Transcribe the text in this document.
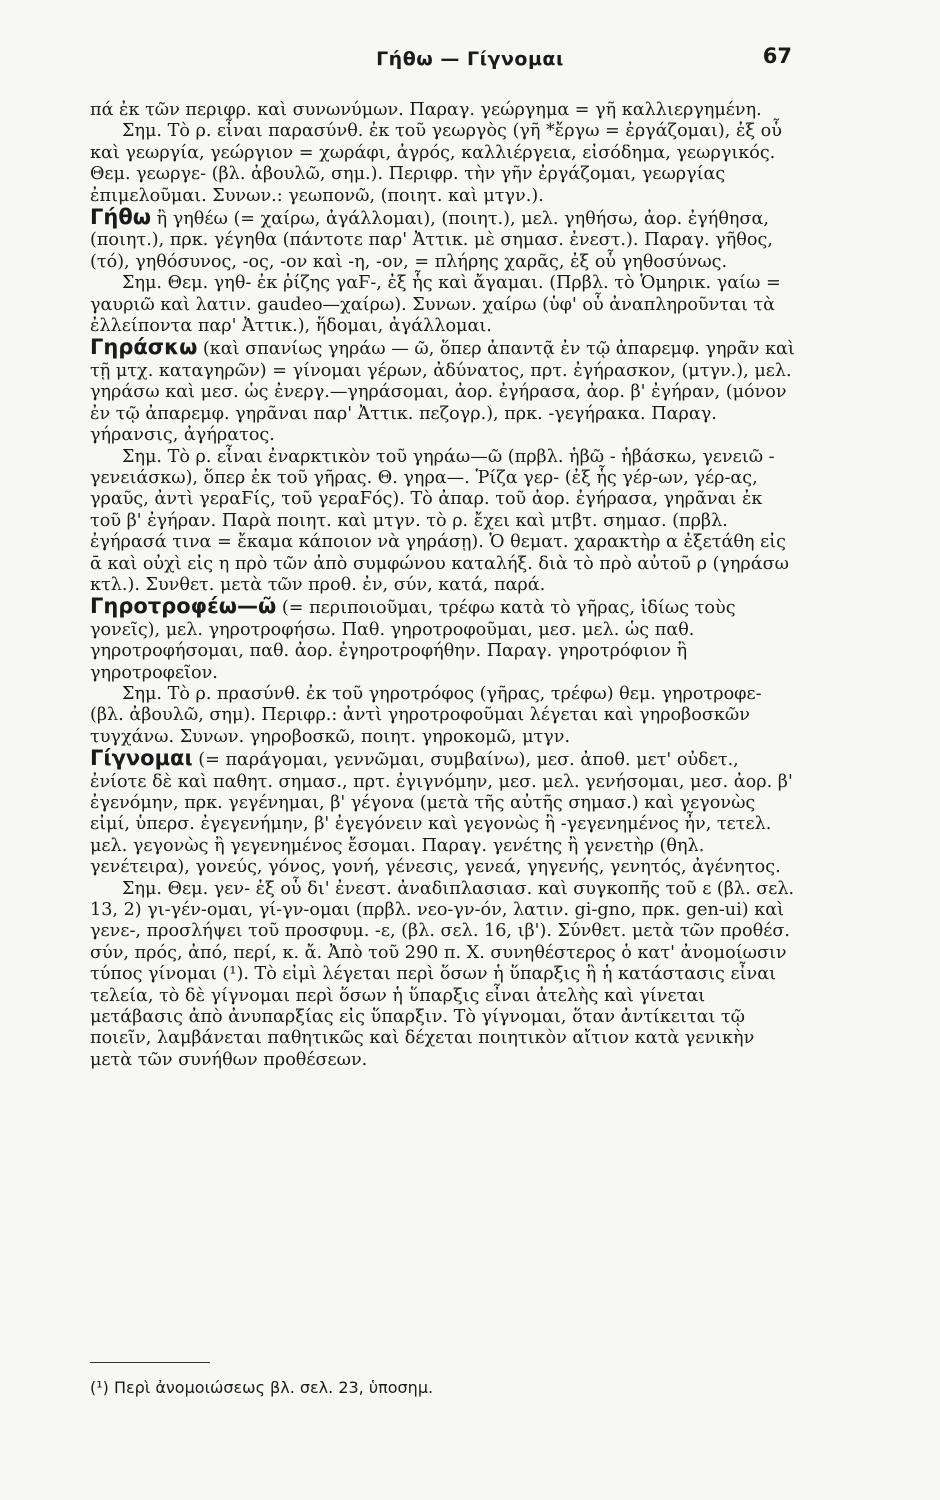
Γήθω — Γίγνομαι	67

πά ἐκ τῶν περιφρ. καὶ συνωνύμων. Παραγ. γεώργημα = γῆ καλλιεργημένη.

Σημ. Τὸ ρ. εἶναι παρασύνθ. ἐκ τοῦ γεωργὸς (γῆ *ἔργω = ἐργάζομαι), ἐξ οὗ καὶ γεωργία, γεώργιον = χωράφι, ἀγρός, καλλιέργεια, εἰσόδημα, γεωργικός. Θεμ. γεωργε- (βλ. ἀβουλῶ, σημ.). Περιφρ. τὴν γῆν ἐργάζομαι, γεωργίας ἐπιμελοῦμαι. Συνων.: γεωπονῶ, (ποιητ. καὶ μτγν.).

Γήθω ἢ γηθέω (= χαίρω, ἀγάλλομαι), (ποιητ.), μελ. γηθήσω, ἀορ. ἐγήθησα, (ποιητ.), πρκ. γέγηθα (πάντοτε παρ' Ἀττικ. μὲ σημασ. ἐνεστ.). Παραγ. γῆθος, (τό), γηθόσυνος, -ος, -ον καὶ -η, -ον, = πλήρης χαρᾶς, ἐξ οὗ γηθοσύνως.

Σημ. Θεμ. γηθ- ἐκ ῥίζης γαϜ-, ἐξ ἧς καὶ ἄγαμαι. (Πρβλ. τὸ Ὁμηρικ. γαίω = γαυριῶ καὶ λατιν. gaudeo—χαίρω). Συνων. χαίρω (ὑφ' οὗ ἀναπληροῦνται τὰ ἐλλείποντα παρ' Ἀττικ.), ἥδομαι, ἀγάλλομαι.

Γηράσκω (καὶ σπανίως γηράω — ῶ, ὅπερ ἀπαντᾷ ἐν τῷ ἀπαρεμφ. γηρᾶν καὶ τῇ μτχ. καταγηρῶν) = γίνομαι γέρων, ἀδύνατος, πρτ. ἐγήρασκον, (μτγν.), μελ. γηράσω καὶ μεσ. ὡς ἐνεργ.—γηράσομαι, ἀορ. ἐγήρασα, ἀορ. β' ἐγήραν, (μόνον ἐν τῷ ἀπαρεμφ. γηρᾶναι παρ' Ἀττικ. πεζογρ.), πρκ. -γεγήρακα. Παραγ. γήρανσις, ἀγήρατος.

Σημ. Τὸ ρ. εἶναι ἐναρκτικὸν τοῦ γηράω—ῶ (πρβλ. ἡβῶ - ἡβάσκω, γενειῶ - γενειάσκω), ὅπερ ἐκ τοῦ γῆρας. Θ. γηρα—. Ῥίζα γερ- (ἐξ ἧς γέρ-ων, γέρ-ας, γραῦς, ἀντὶ γεραϜίς, τοῦ γεραϜός). Τὸ ἀπαρ. τοῦ ἀορ. ἐγήρασα, γηρᾶναι ἐκ τοῦ β' ἐγήραν. Παρὰ ποιητ. καὶ μτγν. τὸ ρ. ἔχει καὶ μτβτ. σημασ. (πρβλ. ἐγήρασά τινα = ἔκαμα κάποιον νὰ γηράσῃ). Ὁ θεματ. χαρακτὴρ α ἐξετάθη εἰς ᾱ καὶ οὐχὶ εἰς η πρὸ τῶν ἀπὸ συμφώνου καταλήξ. διὰ τὸ πρὸ αὐτοῦ ρ (γηράσω κτλ.). Συνθετ. μετὰ τῶν προθ. ἐν, σύν, κατά, παρά.

Γηροτροφέω—ῶ (= περιποιοῦμαι, τρέφω κατὰ τὸ γῆρας, ἰδίως τοὺς γονεῖς), μελ. γηροτροφήσω. Παθ. γηροτροφοῦμαι, μεσ. μελ. ὡς παθ. γηροτροφήσομαι, παθ. ἀορ. ἐγηροτροφήθην. Παραγ. γηροτρόφιον ἢ γηροτροφεῖον.

Σημ. Τὸ ρ. πρασύνθ. ἐκ τοῦ γηροτρόφος (γῆρας, τρέφω) θεμ. γηροτροφε- (βλ. ἀβουλῶ, σημ). Περιφρ.: ἀντὶ γηροτροφοῦμαι λέγεται καὶ γηροβοσκῶν τυγχάνω. Συνων. γηροβοσκῶ, ποιητ. γηροκομῶ, μτγν.

Γίγνομαι (= παράγομαι, γεννῶμαι, συμβαίνω), μεσ. ἀποθ. μετ' οὐδετ., ἐνίοτε δὲ καὶ παθητ. σημασ., πρτ. ἐγιγνόμην, μεσ. μελ. γενήσομαι, μεσ. ἀορ. β' ἐγενόμην, πρκ. γεγένημαι, β' γέγονα (μετὰ τῆς αὐτῆς σημασ.) καὶ γεγονὼς εἰμί, ὑπερσ. ἐγεγενήμην, β' ἐγεγόνειν καὶ γεγονὼς ἢ -γεγενημένος ἦν, τετελ. μελ. γεγονὼς ἢ γεγενημένος ἔσομαι. Παραγ. γενέτης ἢ γενετὴρ (θηλ. γενέτειρα), γονεύς, γόνος, γονή, γένεσις, γενεά, γηγενής, γενητός, ἀγένητος.

Σημ. Θεμ. γεν- ἐξ οὗ δι' ἐνεστ. ἀναδιπλασιασ. καὶ συγκοπῆς τοῦ ε (βλ. σελ. 13, 2) γι-γέν-ομαι, γί-γν-ομαι (πρβλ. νεο-γν-όν, λατιν. gi-gno, πρκ. gen-ui) καὶ γενε-, προσλήψει τοῦ προσφυμ. -ε, (βλ. σελ. 16, ιβ'). Σύνθετ. μετὰ τῶν προθέσ. σύν, πρός, ἀπό, περί, κ. ἄ. Ἀπὸ τοῦ 290 π. Χ. συνηθέστερος ὁ κατ' ἀνομοίωσιν τύπος γίνομαι (¹). Τὸ εἰμὶ λέγεται περὶ ὅσων ἡ ὕπαρξις ἢ ἡ κατάστασις εἶναι τελεία, τὸ δὲ γίγνομαι περὶ ὅσων ἡ ὕπαρξις εἶναι ἀτελὴς καὶ γίνεται μετάβασις ἀπὸ ἀνυπαρξίας εἰς ὕπαρξιν. Τὸ γίγνομαι, ὅταν ἀντίκειται τῷ ποιεῖν, λαμβάνεται παθητικῶς καὶ δέχεται ποιητικὸν αἴτιον κατὰ γενικὴν μετὰ τῶν συνήθων προθέσεων.

(¹) Περὶ ἀνομοιώσεως βλ. σελ. 23, ὑποσημ.
